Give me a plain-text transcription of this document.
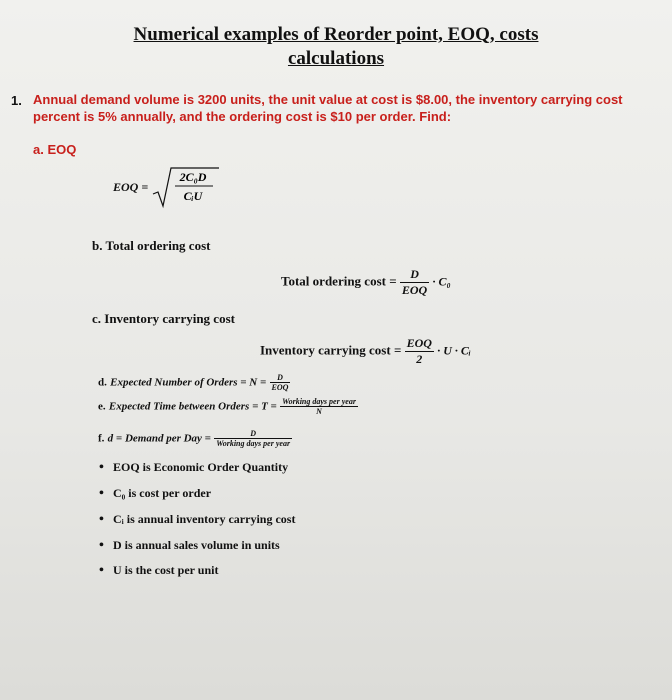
Numerical examples of Reorder point, EOQ, costs
calculations
1. Annual demand volume is 3200 units, the unit value at cost is $8.00, the inventory carrying cost percent is 5% annually, and the ordering cost is $10 per order. Find:
a. EOQ
EOQ =
2C₀D
CᵢU
b. Total ordering cost
Total ordering $\cos t = \frac{D}{\text{EOQ}} \cdot C_0$
c. Inventory carrying cost
Inventory carrying $\cos t = \frac{\text{EOQ}}{2} \cdot U$ · Cᵢ
d. Expected Number of Orders = $N = \frac{D}{\text{EOQ}}$
e. Expected Time between Orders = $T = \frac{\text{Working days per year}}{N}$
f. d = Demand per Day = $\frac{D}{\text{Working days per year}}$
• EOQ is Economic Order Quantity
• C₀ is cost per order
• Cᵢ is annual inventory carrying cost
• D is annual sales volume in units
• U is the cost per unit
